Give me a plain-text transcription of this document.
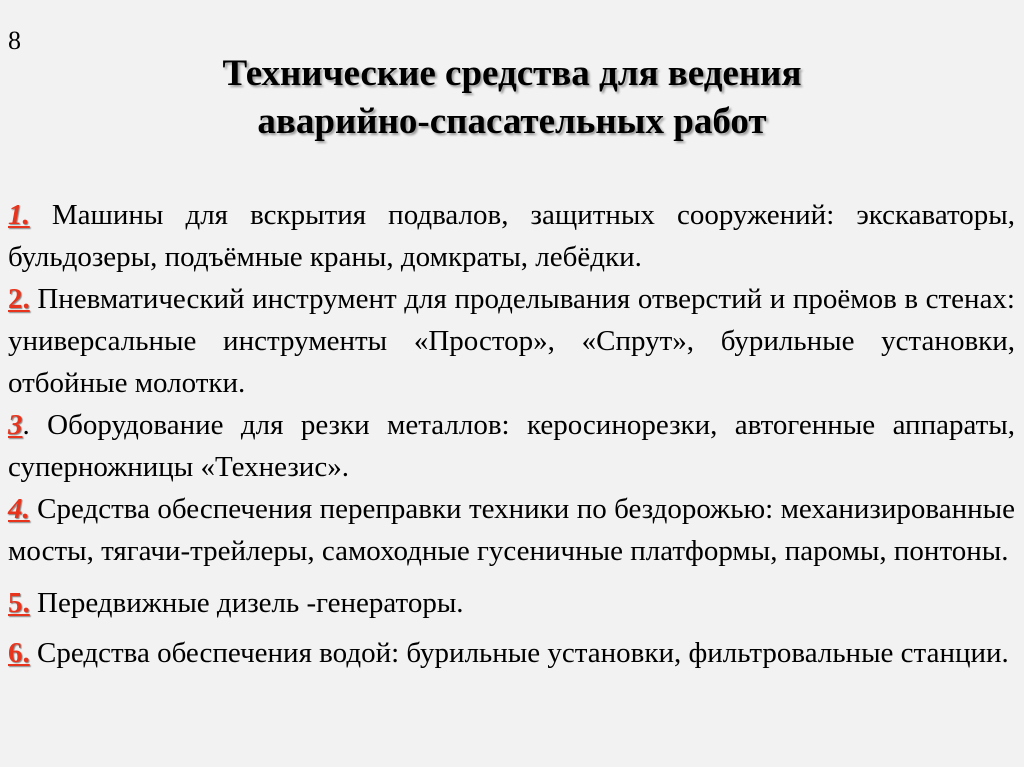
8
Технические средства для ведения
аварийно-спасательных работ

1. Машины для вскрытия подвалов, защитных сооружений: экскаваторы, бульдозеры, подъёмные краны, домкраты, лебёдки.

2. Пневматический инструмент для проделывания отверстий и проёмов в стенах: универсальные инструменты «Простор», «Спрут», бурильные установки, отбойные молотки.

3. Оборудование для резки металлов: керосинорезки, автогенные аппараты, суперножницы «Технезис».

4. Средства обеспечения переправки техники по бездорожью: механизированные мосты, тягачи-трейлеры, самоходные гусеничные платформы, паромы, понтоны.

5. Передвижные дизель -генераторы.

6. Средства обеспечения водой: бурильные установки, фильтровальные станции.
